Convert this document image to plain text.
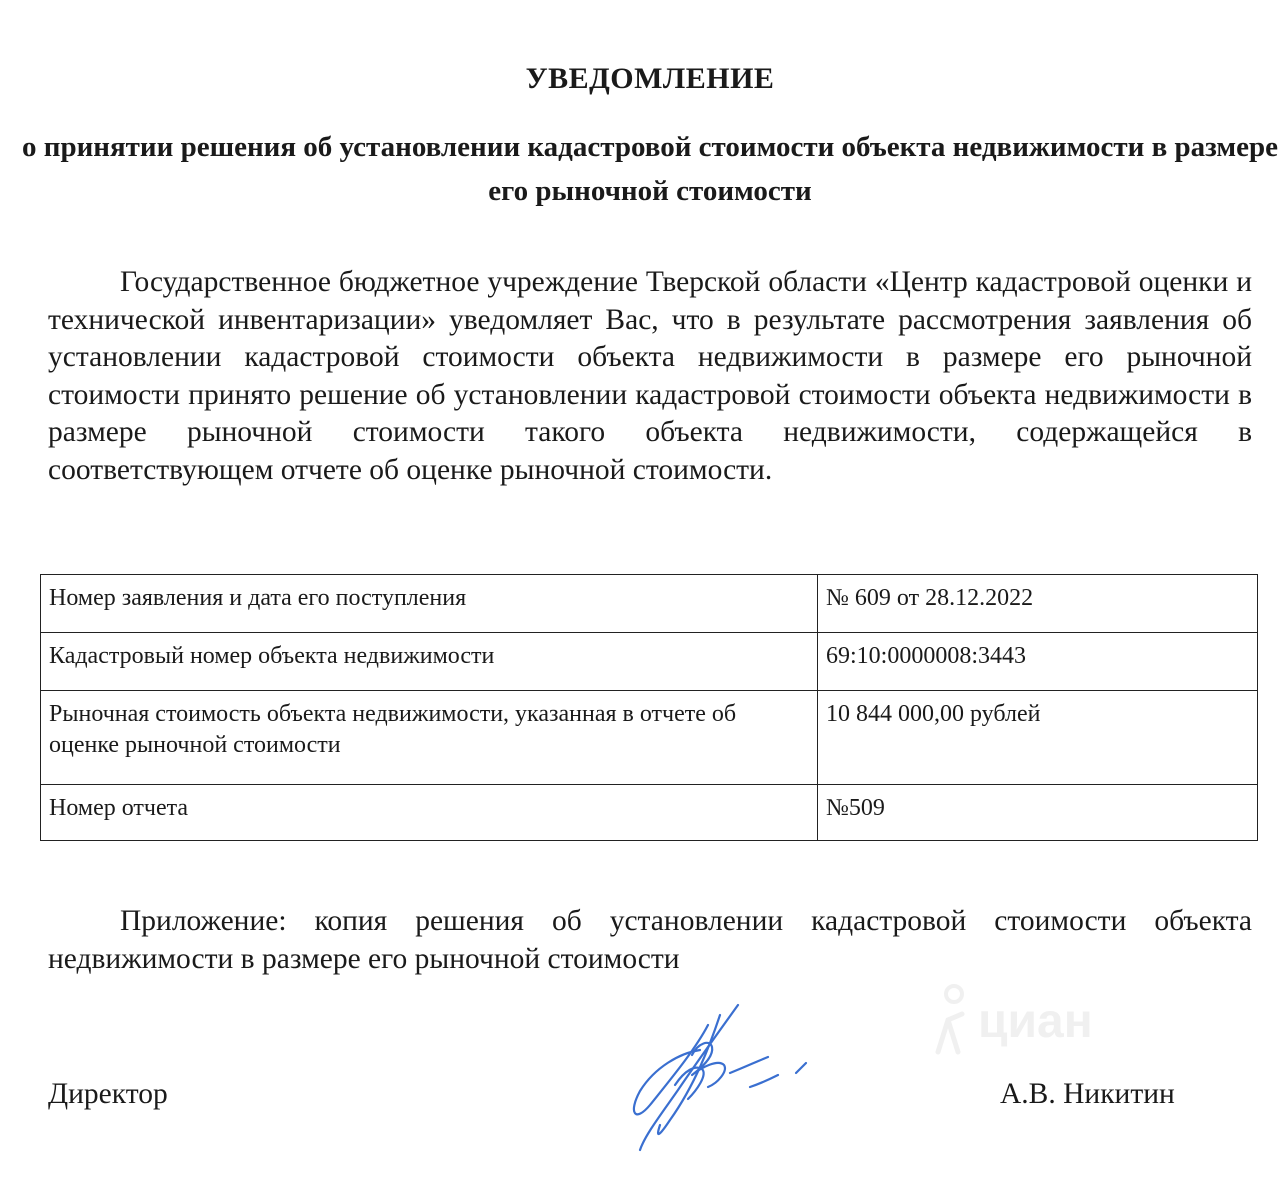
УВЕДОМЛЕНИЕ
о принятии решения об установлении кадастровой стоимости объекта недвижимости в размере его рыночной стоимости
Государственное бюджетное учреждение Тверской области «Центр кадастровой оценки и технической инвентаризации» уведомляет Вас, что в результате рассмотрения заявления об установлении кадастровой стоимости объекта недвижимости в размере его рыночной стоимости принято решение об установлении кадастровой стоимости объекта недвижимости в размере рыночной стоимости такого объекта недвижимости, содержащейся в соответствующем отчете об оценке рыночной стоимости.
Номер заявления и дата его поступления	№ 609 от 28.12.2022
Кадастровый номер объекта недвижимости	69:10:0000008:3443
Рыночная стоимость объекта недвижимости, указанная в отчете об оценке рыночной стоимости	10 844 000,00 рублей
Номер отчета	№509
Приложение: копия решения об установлении кадастровой стоимости объекта недвижимости в размере его рыночной стоимости
циан
Директор	А.В. Никитин
